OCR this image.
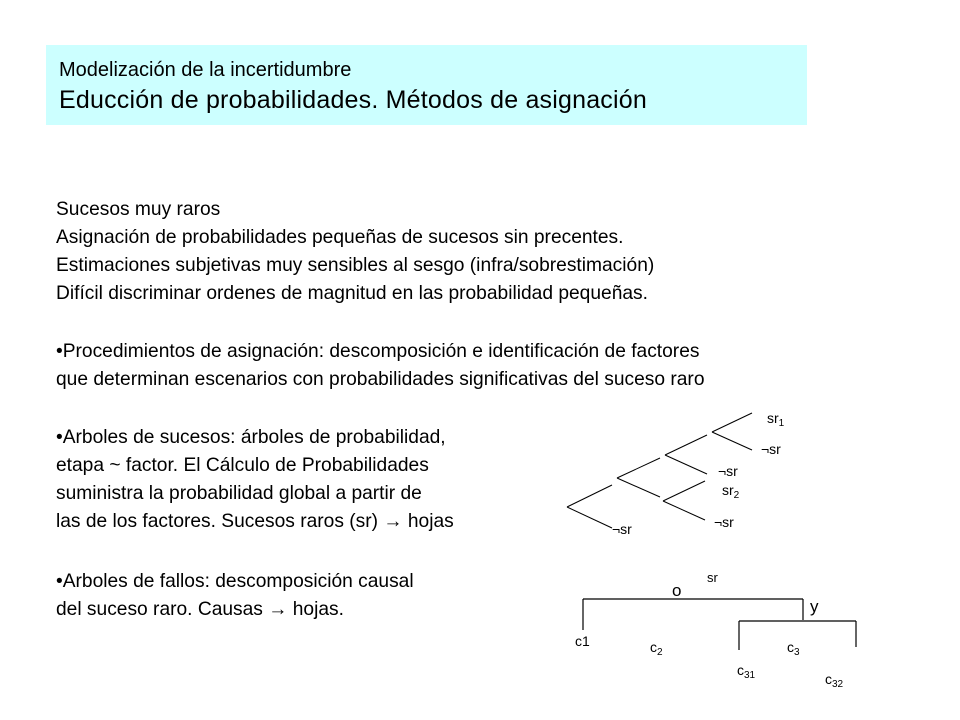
Modelización de la incertidumbre
Educción de probabilidades. Métodos de asignación
Sucesos muy raros
Asignación de probabilidades pequeñas de sucesos sin precentes.
Estimaciones subjetivas muy sensibles al sesgo (infra/sobrestimación)
Difícil discriminar ordenes de magnitud en las probabilidad pequeñas.
•Procedimientos de asignación: descomposición e identificación de factores
que determinan escenarios con probabilidades significativas del suceso raro
•Arboles de sucesos: árboles de probabilidad,
etapa ~ factor. El Cálculo de Probabilidades
suministra la probabilidad global a partir de
las de los factores. Sucesos raros (sr) → hojas
•Arboles de fallos: descomposición causal
del suceso raro. Causas → hojas.
$sr_1$
¬sr
¬sr
$sr_2$
¬sr
¬sr
sr
o
y
c1	$c_2$	$c_3$
$c_{31}$	$c_{32}$
